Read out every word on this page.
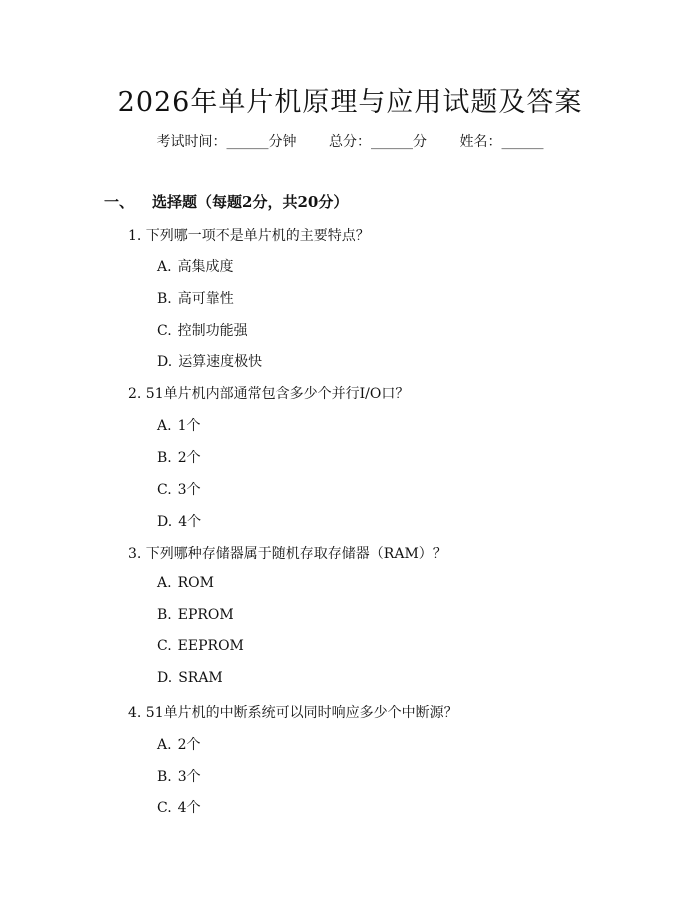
2026年单片机原理与应用试题及答案
考试时间：______分钟 总分：______分 姓名：______
一、 选择题（每题2分，共20分）
1. 下列哪一项不是单片机的主要特点？
A. 高集成度
B. 高可靠性
C. 控制功能强
D. 运算速度极快
2. 51单片机内部通常包含多少个并行I/O口？
A. 1个
B. 2个
C. 3个
D. 4个
3. 下列哪种存储器属于随机存取存储器（RAM）？
A. ROM
B. EPROM
C. EEPROM
D. SRAM
4. 51单片机的中断系统可以同时响应多少个中断源？
A. 2个
B. 3个
C. 4个
